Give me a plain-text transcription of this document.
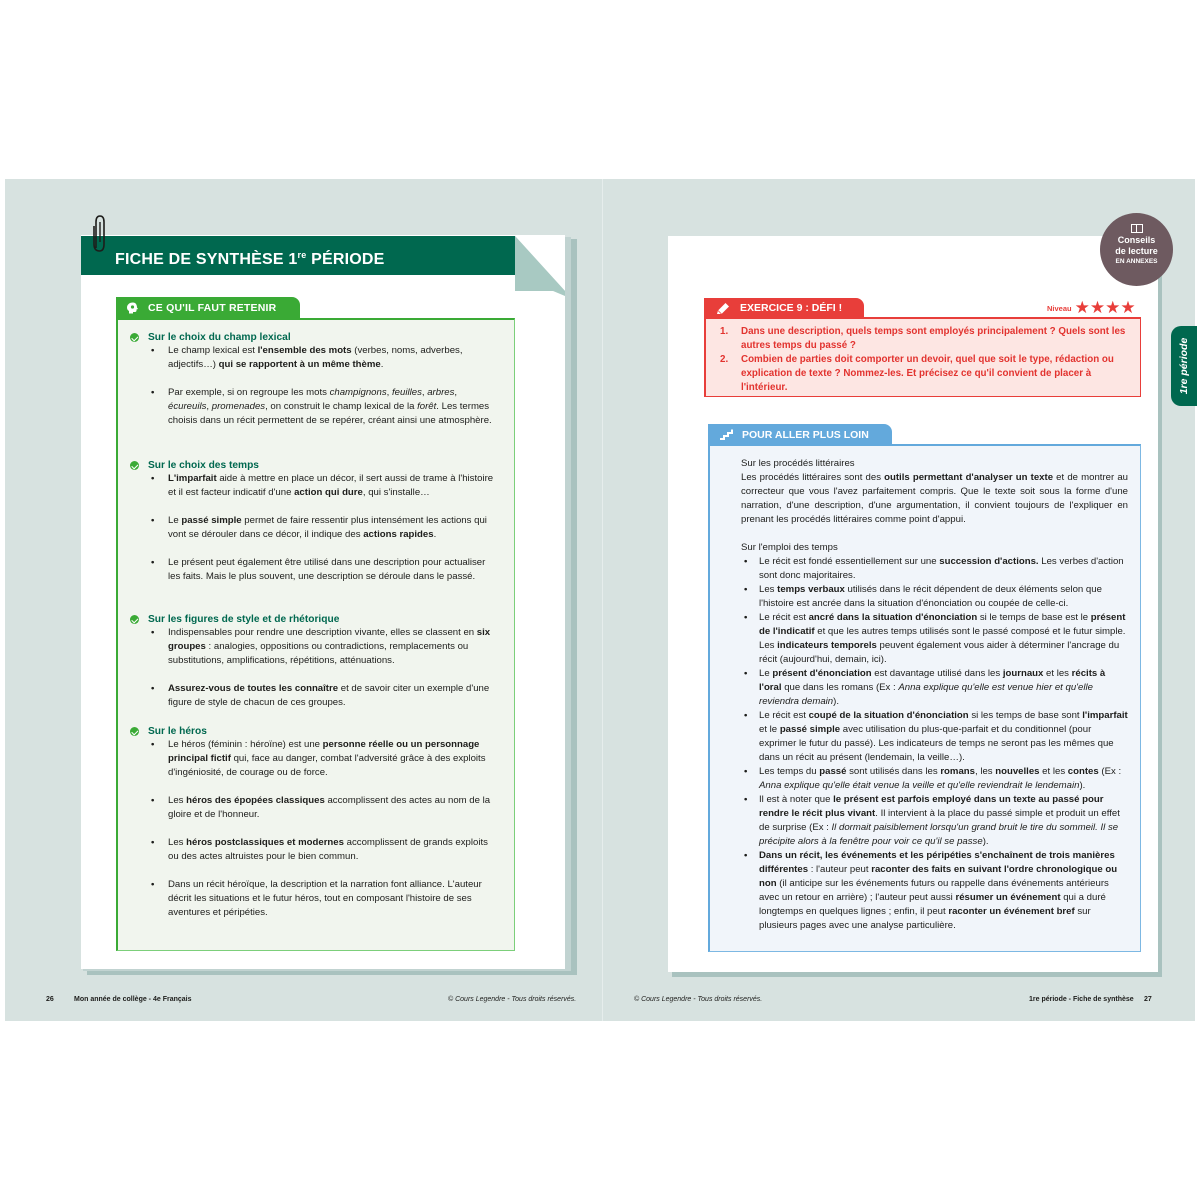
FICHE DE SYNTHÈSE 1re PÉRIODE
CE QU'IL FAUT RETENIR
Sur le choix du champ lexical
• Le champ lexical est l'ensemble des mots (verbes, noms, adverbes, adjectifs…) qui se rapportent à un même thème.
• Par exemple, si on regroupe les mots champignons, feuilles, arbres, écureuils, promenades, on construit le champ lexical de la forêt. Les termes choisis dans un récit permettent de se repérer, créant ainsi une atmosphère.
Sur le choix des temps
• L'imparfait aide à mettre en place un décor, il sert aussi de trame à l'histoire et il est facteur indicatif d'une action qui dure, qui s'installe…
• Le passé simple permet de faire ressentir plus intensément les actions qui vont se dérouler dans ce décor, il indique des actions rapides.
• Le présent peut également être utilisé dans une description pour actualiser les faits. Mais le plus souvent, une description se déroule dans le passé.
Sur les figures de style et de rhétorique
• Indispensables pour rendre une description vivante, elles se classent en six groupes : analogies, oppositions ou contradictions, remplacements ou substitutions, amplifications, répétitions, atténuations.
• Assurez-vous de toutes les connaître et de savoir citer un exemple d'une figure de style de chacun de ces groupes.
Sur le héros
• Le héros (féminin : héroïne) est une personne réelle ou un personnage principal fictif qui, face au danger, combat l'adversité grâce à des exploits d'ingéniosité, de courage ou de force.
• Les héros des épopées classiques accomplissent des actes au nom de la gloire et de l'honneur.
• Les héros postclassiques et modernes accomplissent de grands exploits ou des actes altruistes pour le bien commun.
• Dans un récit héroïque, la description et la narration font alliance. L'auteur décrit les situations et le futur héros, tout en composant l'histoire de ses aventures et péripéties.
26	Mon année de collège - 4e Français	© Cours Legendre - Tous droits réservés.
Conseils
de lecture
EN ANNEXES
1re période
EXERCICE 9 : DÉFI !	Niveau ★★★★
1. Dans une description, quels temps sont employés principalement ? Quels sont les autres temps du passé ?
2. Combien de parties doit comporter un devoir, quel que soit le type, rédaction ou explication de texte ? Nommez-les. Et précisez ce qu'il convient de placer à l'intérieur.
POUR ALLER PLUS LOIN
Sur les procédés littéraires
Les procédés littéraires sont des outils permettant d'analyser un texte et de montrer au correcteur que vous l'avez parfaitement compris. Que le texte soit sous la forme d'une narration, d'une description, d'une argumentation, il convient toujours de l'expliquer en prenant les procédés littéraires comme point d'appui.
Sur l'emploi des temps
• Le récit est fondé essentiellement sur une succession d'actions. Les verbes d'action sont donc majoritaires.
• Les temps verbaux utilisés dans le récit dépendent de deux éléments selon que l'histoire est ancrée dans la situation d'énonciation ou coupée de celle-ci.
• Le récit est ancré dans la situation d'énonciation si le temps de base est le présent de l'indicatif et que les autres temps utilisés sont le passé composé et le futur simple. Les indicateurs temporels peuvent également vous aider à déterminer l'ancrage du récit (aujourd'hui, demain, ici).
• Le présent d'énonciation est davantage utilisé dans les journaux et les récits à l'oral que dans les romans (Ex : Anna explique qu'elle est venue hier et qu'elle reviendra demain).
• Le récit est coupé de la situation d'énonciation si les temps de base sont l'imparfait et le passé simple avec utilisation du plus-que-parfait et du conditionnel (pour exprimer le futur du passé). Les indicateurs de temps ne seront pas les mêmes que dans un récit au présent (lendemain, la veille…).
• Les temps du passé sont utilisés dans les romans, les nouvelles et les contes (Ex : Anna explique qu'elle était venue la veille et qu'elle reviendrait le lendemain).
• Il est à noter que le présent est parfois employé dans un texte au passé pour rendre le récit plus vivant. Il intervient à la place du passé simple et produit un effet de surprise (Ex : Il dormait paisiblement lorsqu'un grand bruit le tire du sommeil. Il se précipite alors à la fenêtre pour voir ce qu'il se passe).
• Dans un récit, les événements et les péripéties s'enchaînent de trois manières différentes : l'auteur peut raconter des faits en suivant l'ordre chronologique ou non (il anticipe sur les événements futurs ou rappelle dans événements antérieurs avec un retour en arrière) ; l'auteur peut aussi résumer un événement qui a duré longtemps en quelques lignes ; enfin, il peut raconter un événement bref sur plusieurs pages avec une analyse particulière.
© Cours Legendre - Tous droits réservés.	1re période - Fiche de synthèse 27
